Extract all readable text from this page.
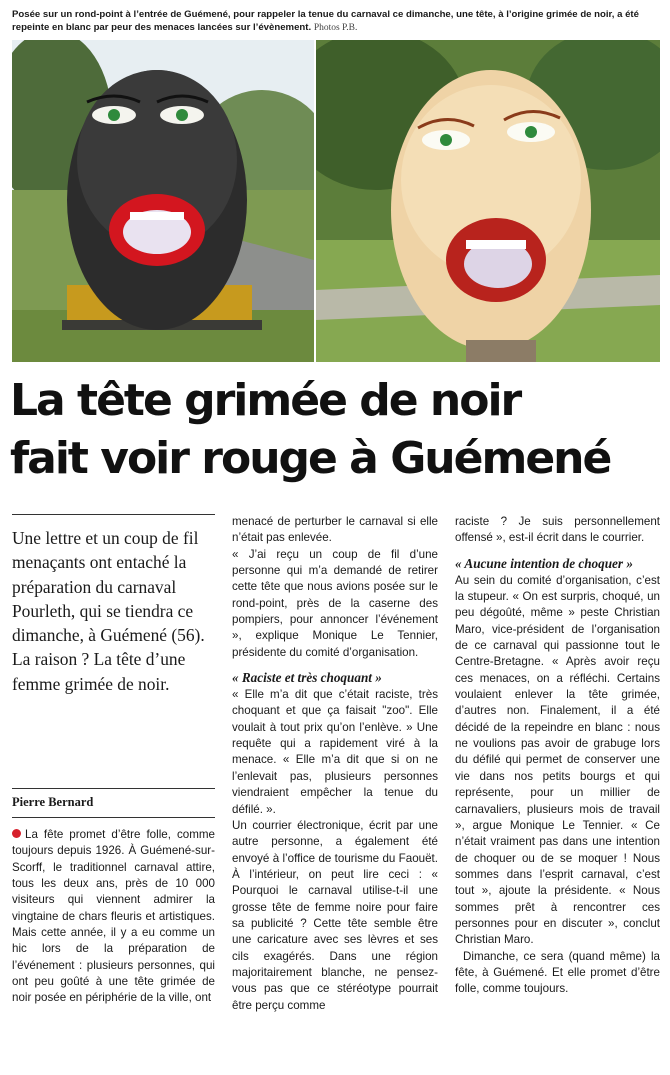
Posée sur un rond-point à l’entrée de Guémené, pour rappeler la tenue du carnaval ce dimanche, une tête, à l’origine grimée de noir, a été repeinte en blanc par peur des menaces lancées sur l’évènement. Photos P.B.
La tête grimée de noir
fait voir rouge à Guémené

Une lettre et un coup de fil menaçants ont entaché la préparation du carnaval Pourleth, qui se tiendra ce dimanche, à Guémené (56). La raison ? La tête d’une femme grimée de noir.

Pierre Bernard

La fête promet d’être folle, comme toujours depuis 1926. À Guémené-sur-Scorff, le traditionnel carnaval attire, tous les deux ans, près de 10 000 visiteurs qui viennent admirer la vingtaine de chars fleuris et artistiques. Mais cette année, il y a eu comme un hic lors de la préparation de l’événement : plusieurs personnes, qui ont peu goûté à une tête grimée de noir posée en périphérie de la ville, ont

menacé de perturber le carnaval si elle n’était pas enlevée.

« J’ai reçu un coup de fil d’une personne qui m’a demandé de retirer cette tête que nous avions posée sur le rond-point, près de la caserne des pompiers, pour annoncer l’événement », explique Monique Le Tennier, présidente du comité d’organisation.

« Raciste et très choquant »

« Elle m’a dit que c’était raciste, très choquant et que ça faisait "zoo". Elle voulait à tout prix qu’on l’enlève. » Une requête qui a rapidement viré à la menace. « Elle m’a dit que si on ne l’enlevait pas, plusieurs personnes viendraient empêcher la tenue du défilé. ».

Un courrier électronique, écrit par une autre personne, a également été envoyé à l’office de tourisme du Faouët. À l’intérieur, on peut lire ceci : « Pourquoi le carnaval utilise-t-il une grosse tête de femme noire pour faire sa publicité ? Cette tête semble être une caricature avec ses lèvres et ses cils exagérés. Dans une région majoritairement blanche, ne pensez-vous pas que ce stéréotype pourrait être perçu comme

raciste ? Je suis personnellement offensé », est-il écrit dans le courrier.

« Aucune intention de choquer »

Au sein du comité d’organisation, c’est la stupeur. « On est surpris, choqué, un peu dégoûté, même » peste Christian Maro, vice-président de l’organisation de ce carnaval qui passionne tout le Centre-Bretagne. « Après avoir reçu ces menaces, on a réfléchi. Certains voulaient enlever la tête grimée, d’autres non. Finalement, il a été décidé de la repeindre en blanc : nous ne voulions pas avoir de grabuge lors du défilé qui permet de conserver une vie dans nos petits bourgs et qui représente, pour un millier de carnavaliers, plusieurs mois de travail », argue Monique Le Tennier. « Ce n’était vraiment pas dans une intention de choquer ou de se moquer ! Nous sommes dans l’esprit carnaval, c’est tout », ajoute la présidente. « Nous sommes prêt à rencontrer ces personnes pour en discuter », conclut Christian Maro.

Dimanche, ce sera (quand même) la fête, à Guémené. Et elle promet d’être folle, comme toujours.
